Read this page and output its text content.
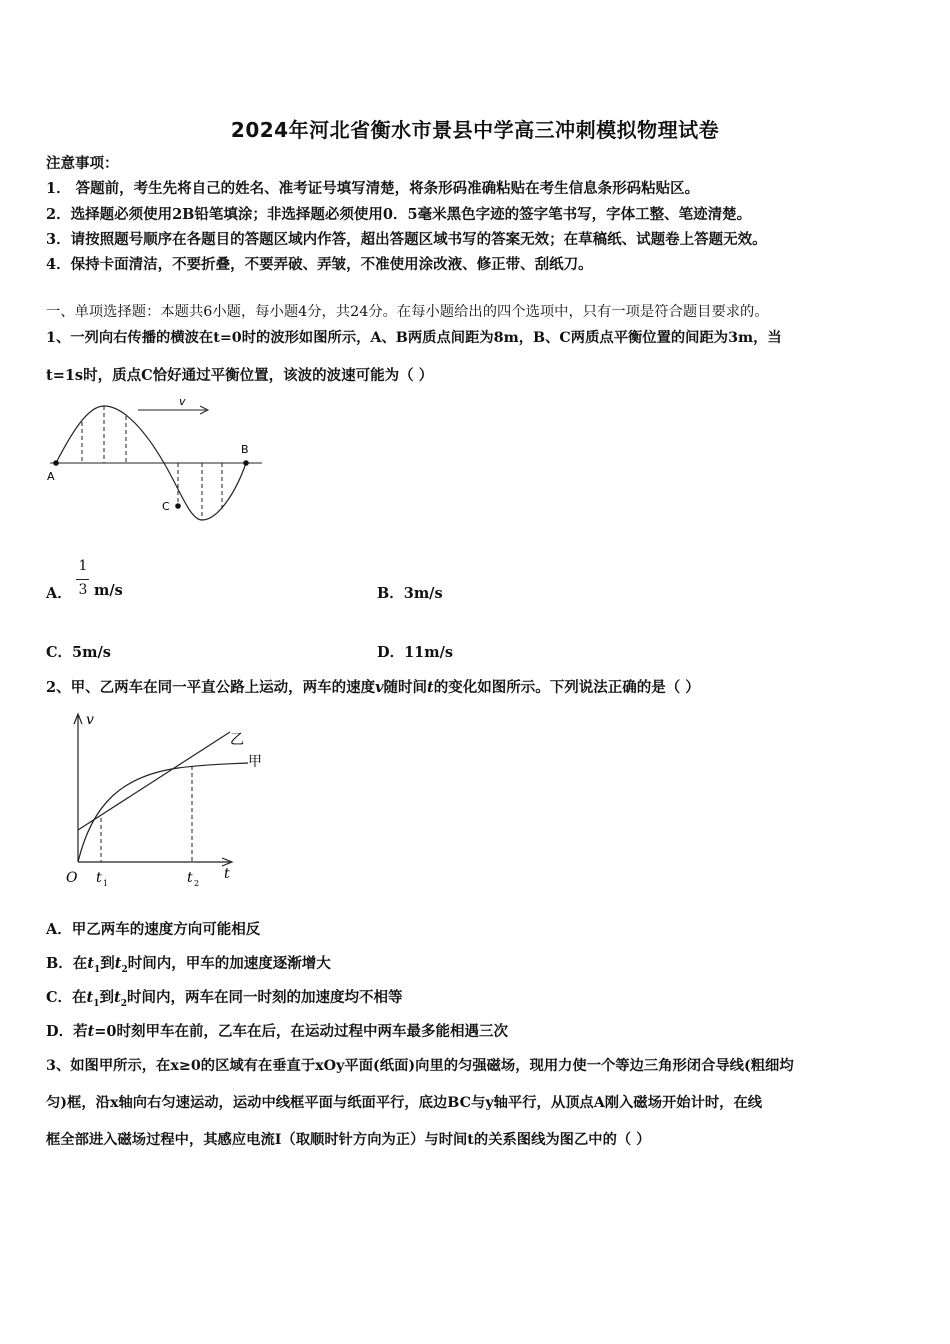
2024年河北省衡水市景县中学高三冲刺模拟物理试卷
注意事项：
1． 答题前，考生先将自己的姓名、准考证号填写清楚，将条形码准确粘贴在考生信息条形码粘贴区。
2．选择题必须使用2B铅笔填涂；非选择题必须使用0．5毫米黑色字迹的签字笔书写，字体工整、笔迹清楚。
3．请按照题号顺序在各题目的答题区域内作答，超出答题区域书写的答案无效；在草稿纸、试题卷上答题无效。
4．保持卡面清洁，不要折叠，不要弄破、弄皱，不准使用涂改液、修正带、刮纸刀。
一、单项选择题：本题共6小题，每小题4分，共24分。在每小题给出的四个选项中，只有一项是符合题目要求的。
1、一列向右传播的横波在t=0时的波形如图所示，A、B两质点间距为8m，B、C两质点平衡位置的间距为3m，当
t=1s时，质点C恰好通过平衡位置，该波的波速可能为（ ）
v
A
B
C
A．
1
3 m/s	B．3m/s
C．5m/s	D．11m/s
2、甲、乙两车在同一平直公路上运动，两车的速度v随时间t的变化如图所示。下列说法正确的是（ ）
v
O t 1	t 2
t
乙
甲
A．甲乙两车的速度方向可能相反
B．在$t_1$到$t_2$时间内，甲车的加速度逐渐增大
C．在$t_1$到$t_2$时间内，两车在同一时刻的加速度均不相等
D．若t=0时刻甲车在前，乙车在后，在运动过程中两车最多能相遇三次
3、如图甲所示，在x≥0的区域有在垂直于xOy平面(纸面)向里的匀强磁场，现用力使一个等边三角形闭合导线(粗细均
匀)框，沿x轴向右匀速运动，运动中线框平面与纸面平行，底边BC与y轴平行，从顶点A刚入磁场开始计时，在线
框全部进入磁场过程中，其感应电流I（取顺时针方向为正）与时间t的关系图线为图乙中的（ ）
